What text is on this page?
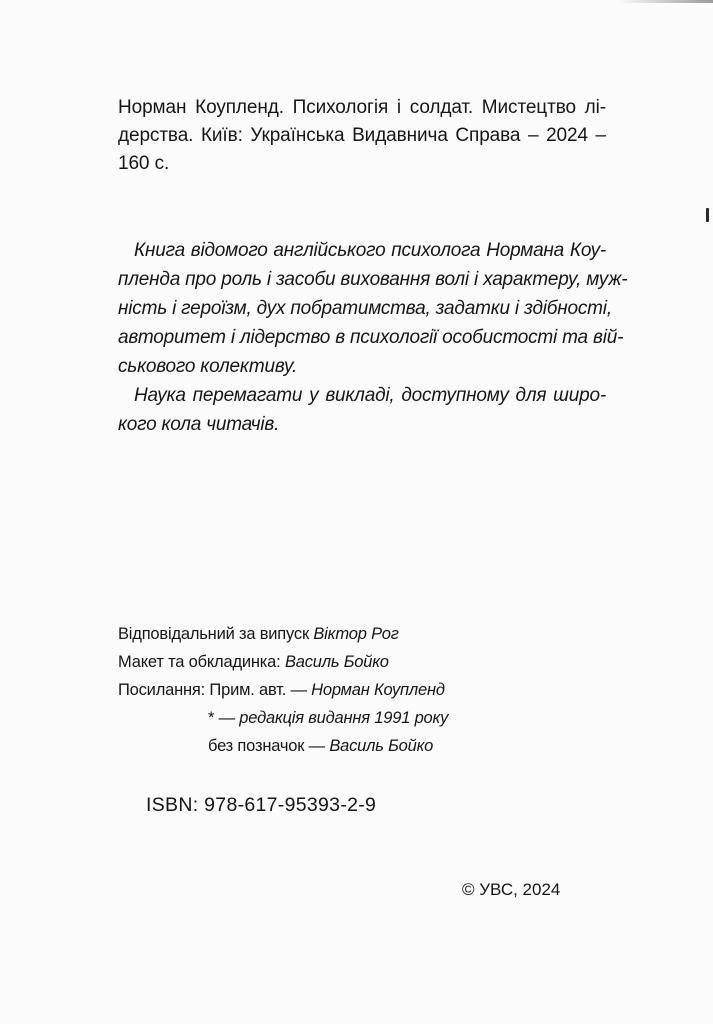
Норман Коупленд. Психологія і солдат. Мистецтво лі-
дерства. Київ: Українська Видавнича Справа – 2024 –
160 с.
Книга відомого англійського психолога Нормана Коу-
пленда про роль і засоби виховання волі і характеру, муж-
ність і героїзм, дух побратимства, задатки і здібності,
авторитет і лідерство в психології особистості та вій-
ськового колективу.
Наука перемагати у викладі, доступному для широ-
кого кола читачів.
Відповідальний за випуск Віктор Рог
Макет та обкладинка: Василь Бойко
Посилання: Прим. авт. — Норман Коупленд
* — редакція видання 1991 року
без позначок — Василь Бойко
ISBN: 978-617-95393-2-9
© УВС, 2024
